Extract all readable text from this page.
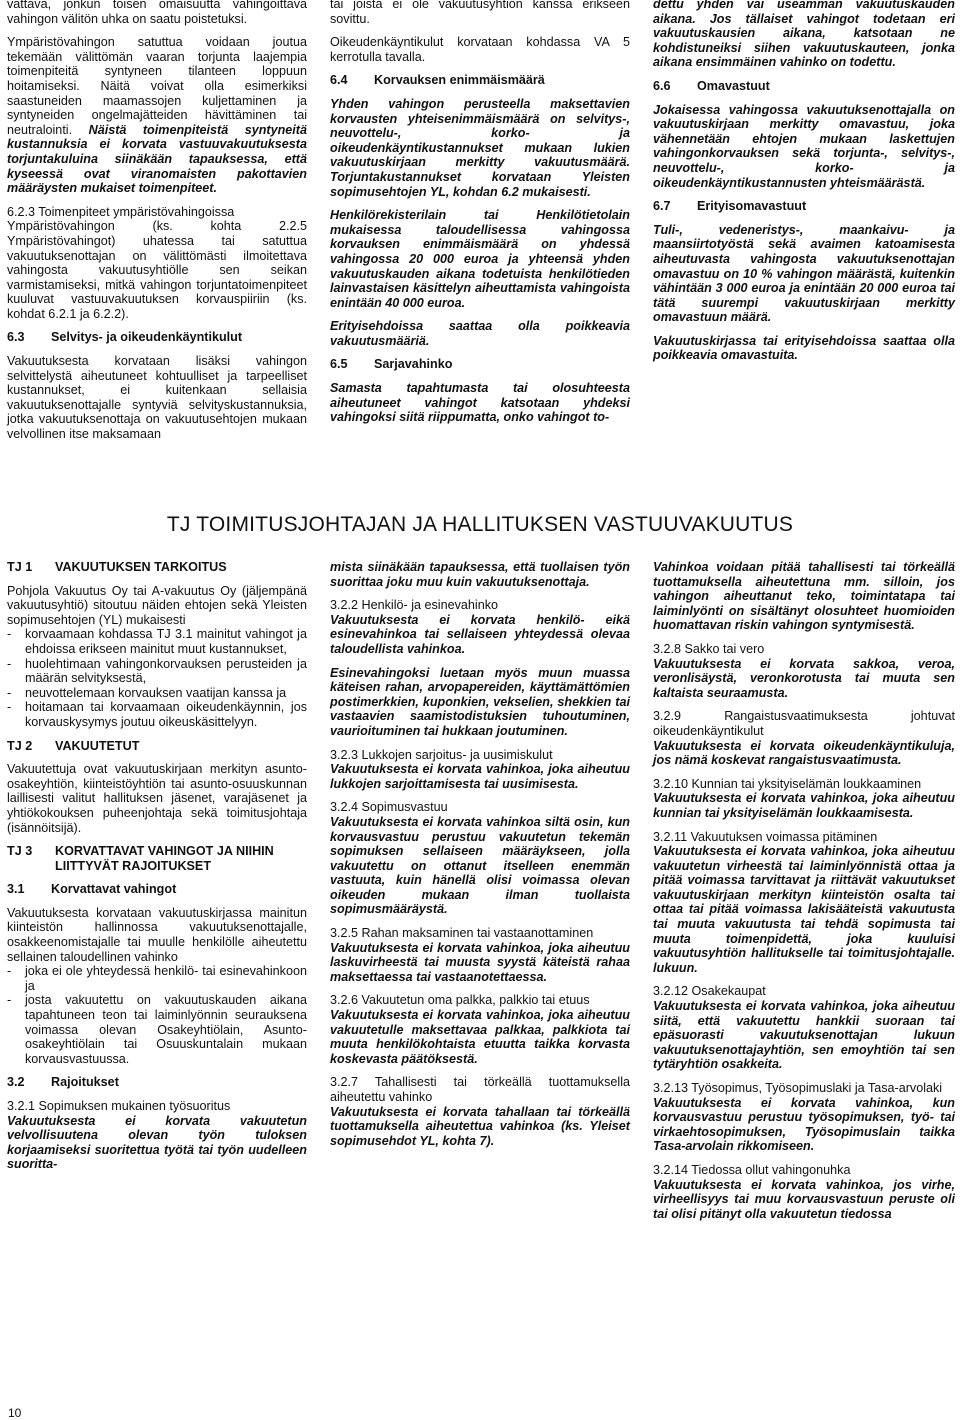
vattava, jonkun toisen omaisuutta vahingoittava vahingon välitön uhka on saatu poistetuksi.

Ympäristövahingon satuttua voidaan joutua tekemään välittömän vaaran torjunta laajempia toimenpiteitä syntyneen tilanteen loppuun hoitamiseksi. Näitä voivat olla esimerkiksi saastuneiden maamassojen kuljettaminen ja syntyneiden ongelmajätteiden hävittäminen tai neutralointi. Näistä toimenpiteistä syntyneitä kustannuksia ei korvata vastuuvakuutuksesta torjuntakuluina siinäkään tapauksessa, että kyseessä ovat viranomaisten pakottavien määräysten mukaiset toimenpiteet.

6.2.3 Toimenpiteet ympäristövahingoissa

Ympäristövahingon (ks. kohta 2.2.5 Ympäristövahingot) uhatessa tai satuttua vakuutuksenottajan on välittömästi ilmoitettava vahingosta vakuutusyhtiölle sen seikan varmistamiseksi, mitkä vahingon torjuntatoimenpiteet kuuluvat vastuuvakuutuksen korvauspiiriin (ks. kohdat 6.2.1 ja 6.2.2).

6.3	Selvitys- ja oikeudenkäyntikulut

Vakuutuksesta korvataan lisäksi vahingon selvittelystä aiheutuneet kohtuulliset ja tarpeelliset kustannukset, ei kuitenkaan sellaisia vakuutuksenottajalle syntyviä selvityskustannuksia, jotka vakuutuksenottaja on vakuutusehtojen mukaan velvollinen itse maksamaan

tai joista ei ole vakuutusyhtiön kanssa erikseen sovittu.

Oikeudenkäyntikulut korvataan kohdassa VA 5 kerrotulla tavalla.

6.4	Korvauksen enimmäismäärä

Yhden vahingon perusteella maksettavien korvausten yhteisenimmäismäärä on selvitys-, neuvottelu-, korko- ja oikeudenkäyntikustannukset mukaan lukien vakuutuskirjaan merkitty vakuutusmäärä. Torjuntakustannukset korvataan Yleisten sopimusehtojen YL, kohdan 6.2 mukaisesti.

Henkilörekisterilain tai Henkilötietolain mukaisessa taloudellisessa vahingossa korvauksen enimmäismäärä on yhdessä vahingossa 20 000 euroa ja yhteensä yhden vakuutuskauden aikana todetuista henkilötieden lainvastaisen käsittelyn aiheuttamista vahingoista enintään 40 000 euroa.

Erityisehdoissa saattaa olla poikkeavia vakuutusmääriä.

6.5	Sarjavahinko

Samasta tapahtumasta tai olosuhteesta aiheutuneet vahingot katsotaan yhdeksi vahingoksi siitä riippumatta, onko vahingot to-

dettu yhden vai useamman vakuutuskauden aikana. Jos tällaiset vahingot todetaan eri vakuutuskausien aikana, katsotaan ne kohdistuneiksi siihen vakuutuskauteen, jonka aikana ensimmäinen vahinko on todettu.

6.6	Omavastuut

Jokaisessa vahingossa vakuutuksenottajalla on vakuutuskirjaan merkitty omavastuu, joka vähennetään ehtojen mukaan laskettujen vahingonkorvauksen sekä torjunta-, selvitys-, neuvottelu-, korko- ja oikeudenkäyntikustannusten yhteismäärästä.

6.7	Erityisomavastuut

Tuli-, vedeneristys-, maankaivu- ja maansiirtotyöstä sekä avaimen katoamisesta aiheutuvasta vahingosta vakuutuksenottajan omavastuu on 10 % vahingon määrästä, kuitenkin vähintään 3 000 euroa ja enintään 20 000 euroa tai tätä suurempi vakuutuskirjaan merkitty omavastuun määrä.

Vakuutuskirjassa tai erityisehdoissa saattaa olla poikkeavia omavastuita.

TJ TOIMITUSJOHTAJAN JA HALLITUKSEN VASTUUVAKUUTUS
TJ 1	VAKUUTUKSEN TARKOITUS

Pohjola Vakuutus Oy tai A-vakuutus Oy (jäljempänä vakuutusyhtiö) sitoutuu näiden ehtojen sekä Yleisten sopimusehtojen (YL) mukaisesti

- korvaamaan kohdassa TJ 3.1 mainitut vahingot ja ehdoissa erikseen mainitut muut kustannukset,
- huolehtimaan vahingonkorvauksen perusteiden ja määrän selvityksestä,
- neuvottelemaan korvauksen vaatijan kanssa ja
- hoitamaan tai korvaamaan oikeudenkäynnin, jos korvauskysymys joutuu oikeuskäsittelyyn.
TJ 2	VAKUUTETUT

Vakuutettuja ovat vakuutuskirjaan merkityn asunto-osakeyhtiön, kiinteistöyhtiön tai asunto-osuuskunnan laillisesti valitut hallituksen jäsenet, varajäsenet ja yhtiökokouksen puheenjohtaja sekä toimitusjohtaja (isännöitsijä).

TJ 3	KORVATTAVAT VAHINGOT JA NIIHIN LIITTYVÄT RAJOITUKSET
3.1	Korvattavat vahingot

Vakuutuksesta korvataan vakuutuskirjassa mainitun kiinteistön hallinnossa vakuutuksenottajalle, osakkeenomistajalle tai muulle henkilölle aiheutettu sellainen taloudellinen vahinko

- joka ei ole yhteydessä henkilö- tai esinevahinkoon ja
- josta vakuutettu on vakuutuskauden aikana tapahtuneen teon tai laiminlyönnin seurauksena voimassa olevan Osakeyhtiölain, Asunto-osakeyhtiölain tai Osuuskuntalain mukaan korvausvastuussa.
3.2	Rajoitukset

3.2.1 Sopimuksen mukainen työsuoritus

Vakuutuksesta ei korvata vakuutetun velvollisuutena olevan työn tuloksen korjaamiseksi suoritettua työtä tai työn uudelleen suoritta-

mista siinäkään tapauksessa, että tuollaisen työn suorittaa joku muu kuin vakuutuksenottaja.

3.2.2 Henkilö- ja esinevahinko

Vakuutuksesta ei korvata henkilö- eikä esinevahinkoa tai sellaiseen yhteydessä olevaa taloudellista vahinkoa.

Esinevahingoksi luetaan myös muun muassa käteisen rahan, arvopapereiden, käyttämättömien postimerkkien, kuponkien, vekselien, shekkien tai vastaavien saamistodistuksien tuhoutuminen, vaurioituminen tai hukkaan joutuminen.

3.2.3 Lukkojen sarjoitus- ja uusimiskulut

Vakuutuksesta ei korvata vahinkoa, joka aiheutuu lukkojen sarjoittamisesta tai uusimisesta.

3.2.4 Sopimusvastuu

Vakuutuksesta ei korvata vahinkoa siltä osin, kun korvausvastuu perustuu vakuutetun tekemän sopimuksen sellaiseen määräykseen, jolla vakuutettu on ottanut itselleen enemmän vastuuta, kuin hänellä olisi voimassa olevan oikeuden mukaan ilman tuollaista sopimusmääräystä.

3.2.5 Rahan maksaminen tai vastaanottaminen

Vakuutuksesta ei korvata vahinkoa, joka aiheutuu laskuvirheestä tai muusta syystä käteistä rahaa maksettaessa tai vastaanotettaessa.

3.2.6 Vakuutetun oma palkka, palkkio tai etuus

Vakuutuksesta ei korvata vahinkoa, joka aiheutuu vakuutetulle maksettavaa palkkaa, palkkiota tai muuta henkilökohtaista etuutta taikka korvasta koskevasta päätöksestä.

3.2.7 Tahallisesti tai törkeällä tuottamuksella aiheutettu vahinko

Vakuutuksesta ei korvata tahallaan tai törkeällä tuottamuksella aiheutettua vahinkoa (ks. Yleiset sopimusehdot YL, kohta 7).

Vahinkoa voidaan pitää tahallisesti tai törkeällä tuottamuksella aiheutettuna mm. silloin, jos vahingon aiheuttanut teko, toimintatapa tai laiminlyönti on sisältänyt olosuhteet huomioiden huomattavan riskin vahingon syntymisestä.

3.2.8 Sakko tai vero

Vakuutuksesta ei korvata sakkoa, veroa, veronlisäystä, veronkorotusta tai muuta sen kaltaista seuraamusta.

3.2.9 Rangaistusvaatimuksesta johtuvat oikeudenkäyntikulut

Vakuutuksesta ei korvata oikeudenkäyntikuluja, jos nämä koskevat rangaistusvaatimusta.

3.2.10 Kunnian tai yksityiselämän loukkaaminen

Vakuutuksesta ei korvata vahinkoa, joka aiheutuu kunnian tai yksityiselämän loukkaamisesta.

3.2.11 Vakuutuksen voimassa pitäminen

Vakuutuksesta ei korvata vahinkoa, joka aiheutuu vakuutetun virheestä tai laiminlyönnistä ottaa ja pitää voimassa tarvittavat ja riittävät vakuutukset vakuutuskirjaan merkityn kiinteistön osalta tai ottaa tai pitää voimassa lakisääteistä vakuutusta tai muuta vakuutusta tai tehdä sopimusta tai muuta toimenpidettä, joka kuuluisi vakuutusyhtiön hallitukselle tai toimitusjohtajalle. lukuun.

3.2.12 Osakekaupat

Vakuutuksesta ei korvata vahinkoa, joka aiheutuu siitä, että vakuutettu hankkii suoraan tai epäsuorasti vakuutuksenottajan lukuun vakuutuksenottajayhtiön, sen emoyhtiön tai sen tytäryhtiön osakkeita.

3.2.13 Työsopimus, Työsopimuslaki ja Tasa-arvolaki

Vakuutuksesta ei korvata vahinkoa, kun korvausvastuu perustuu työsopimuksen, työ- tai virkaehtosopimuksen, Työsopimuslain taikka Tasa-arvolain rikkomiseen.

3.2.14 Tiedossa ollut vahingonuhka

Vakuutuksesta ei korvata vahinkoa, jos virhe, virheellisyys tai muu korvausvastuun peruste oli tai olisi pitänyt olla vakuutetun tiedossa

10
